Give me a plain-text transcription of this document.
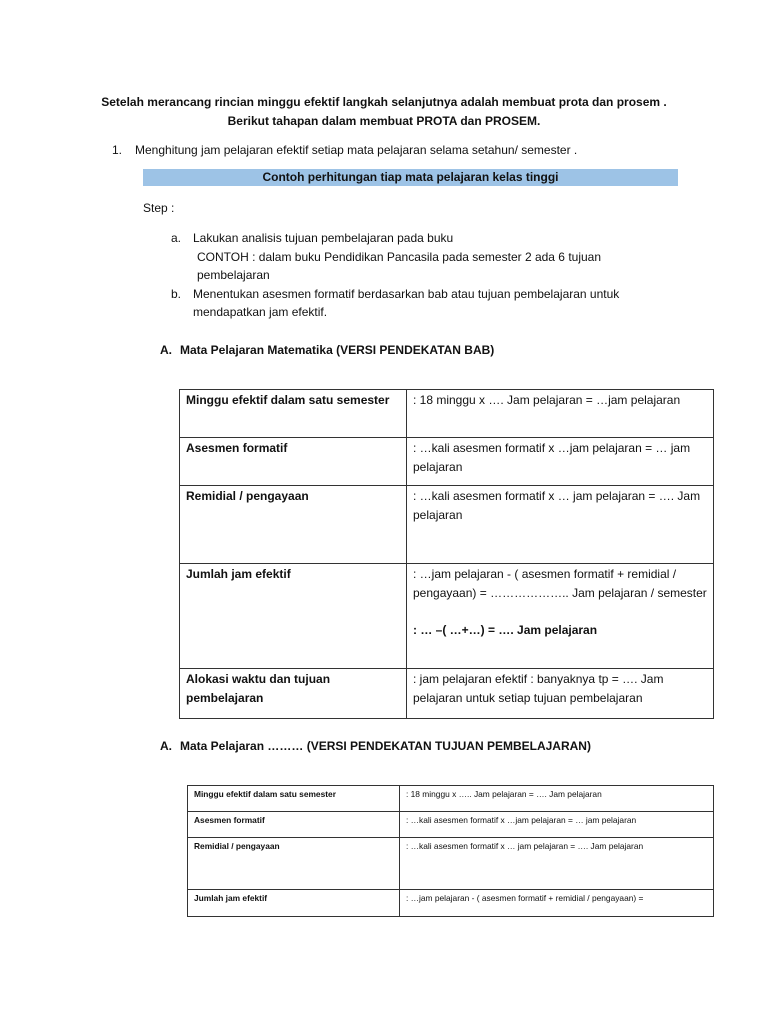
Setelah merancang rincian minggu efektif langkah selanjutnya adalah membuat prota dan prosem .
Berikut tahapan dalam membuat PROTA dan PROSEM.
1. Menghitung jam pelajaran efektif setiap mata pelajaran selama setahun/ semester .
Contoh perhitungan tiap mata pelajaran kelas tinggi
Step :
a. Lakukan analisis tujuan pembelajaran pada buku
CONTOH : dalam buku Pendidikan Pancasila pada semester 2 ada 6 tujuan
pembelajaran
b. Menentukan asesmen formatif berdasarkan bab atau tujuan pembelajaran untuk
mendapatkan jam efektif.
A. Mata Pelajaran Matematika (VERSI PENDEKATAN BAB)
Minggu efektif dalam satu semester	: 18 minggu x …. Jam pelajaran = …jam pelajaran
Asesmen formatif	: …kali asesmen formatif x …jam pelajaran = … jam pelajaran
Remidial / pengayaan	: …kali asesmen formatif x … jam pelajaran = …. Jam pelajaran
Jumlah jam efektif	: …jam pelajaran - ( asesmen formatif + remidial / pengayaan) = ……………….. Jam pelajaran / semester
: … –( …+…) = …. Jam pelajaran
Alokasi waktu dan tujuan pembelajaran	: jam pelajaran efektif : banyaknya tp = …. Jam pelajaran untuk setiap tujuan pembelajaran
A. Mata Pelajaran ……… (VERSI PENDEKATAN TUJUAN PEMBELAJARAN)
Minggu efektif dalam satu semester	: 18 minggu x ….. Jam pelajaran = …. Jam pelajaran
Asesmen formatif	: …kali asesmen formatif x …jam pelajaran = … jam pelajaran
Remidial / pengayaan	: …kali asesmen formatif x … jam pelajaran = …. Jam pelajaran
Jumlah jam efektif	: …jam pelajaran - ( asesmen formatif + remidial / pengayaan) =
